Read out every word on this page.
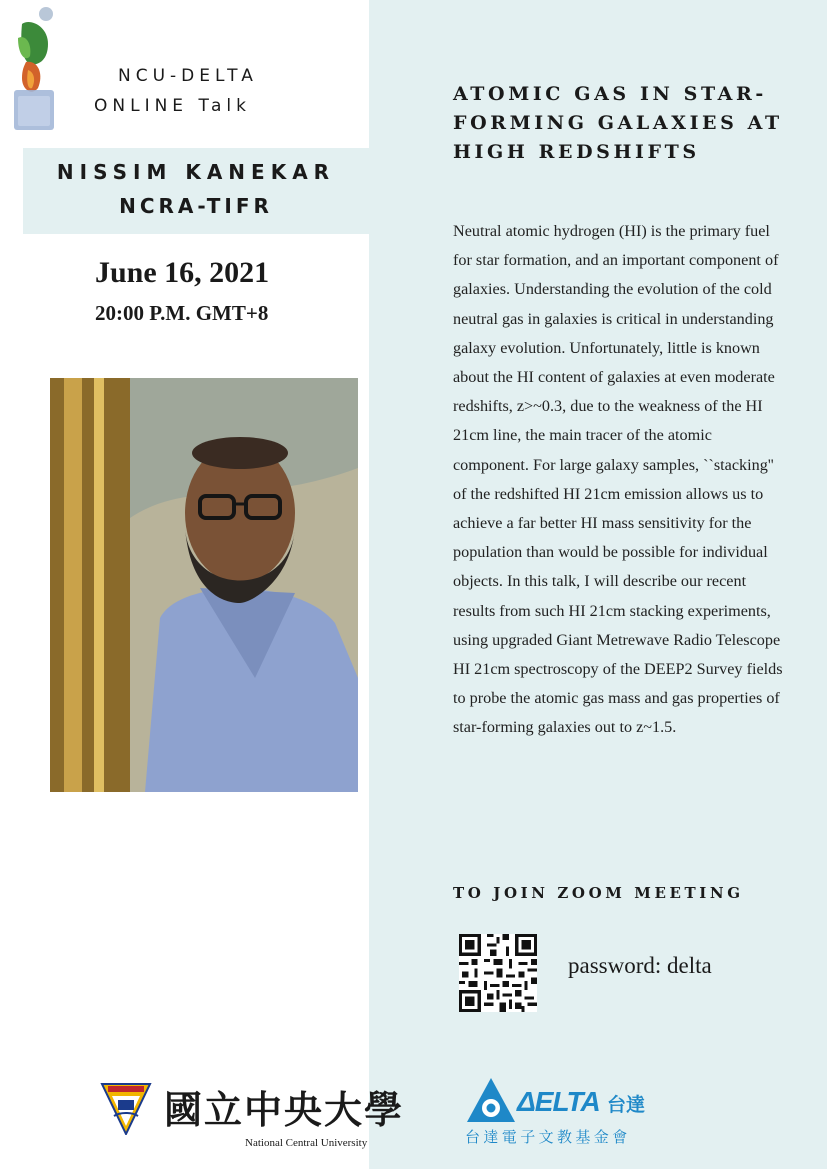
NCU-DELTA
ONLINE Talk
NISSIM KANEKAR
NCRA-TIFR
June 16, 2021
20:00 P.M. GMT+8
ATOMIC GAS IN STAR-FORMING GALAXIES AT HIGH REDSHIFTS
Neutral atomic hydrogen (HI) is the primary fuel for star formation, and an important component of galaxies. Understanding the evolution of the cold neutral gas in galaxies is critical in understanding galaxy evolution. Unfortunately, little is known about the HI content of galaxies at even moderate redshifts, z>~0.3, due to the weakness of the HI 21cm line, the main tracer of the atomic component. For large galaxy samples, ``stacking'' of the redshifted HI 21cm emission allows us to achieve a far better HI mass sensitivity for the population than would be possible for individual objects. In this talk, I will describe our recent results from such HI 21cm stacking experiments, using upgraded Giant Metrewave Radio Telescope HI 21cm spectroscopy of the DEEP2 Survey fields to probe the atomic gas mass and gas properties of star-forming galaxies out to z~1.5.
TO JOIN ZOOM MEETING
password: delta
國立中央大學
National Central University
ΔELTA 台達
台達電子文教基金會
